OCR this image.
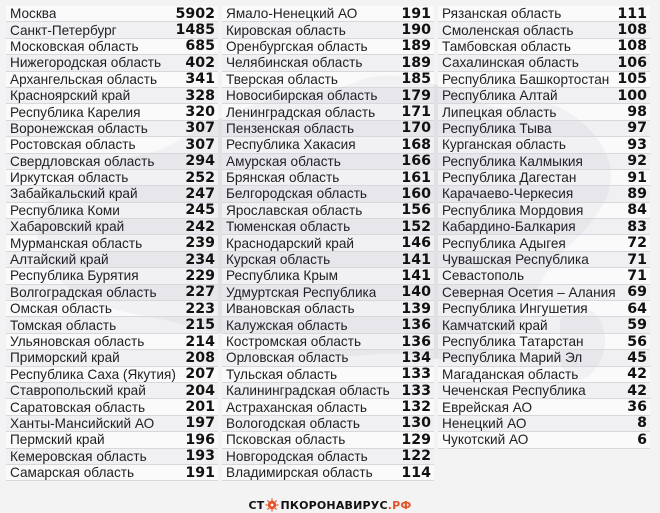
Москва	5902
Санкт-Петербург	1485
Московская область	685
Нижегородская область 402
Архангельская область 341
Красноярский край	328
Республика Карелия	320
Воронежская область	307
Ростовская область	307
Свердловская область 294
Иркутская область	252
Забайкальский край	247
Республика Коми	245
Хабаровский край	242
Мурманская область	239
Алтайский край	234
Республика Бурятия	229
Волгоградская область 227
Омская область	223
Томская область	215
Ульяновская область	214
Приморский край	208
Республика Саха (Якутия) 207
Ставропольский край	204
Саратовская область	201
Ханты-Мансийский АО 197
Пермский край	196
Кемеровская область	193
Самарская область	191
Ямало-Ненецкий АО	191
Кировская область	190
Оренбургская область 189
Челябинская область	189
Тверская область	185
Новосибирская область 179
Ленинградская область 171
Пензенская область	170
Республика Хакасия	168
Амурская область	166
Брянская область	161
Белгородская область 160
Ярославская область	156
Тюменская область	152
Краснодарский край	146
Курская область	141
Республика Крым	141
Удмуртская Республика 140
Ивановская область	139
Калужская область	136
Костромская область	136
Орловская область	134
Тульская область	133
Калининградская область 133
Астраханская область 132
Вологодская область	130
Псковская область	129
Новгородская область 122
Владимирская область 114
Рязанская область	111
Смоленская область	108
Тамбовская область	108
Сахалинская область	106
Республика Башкортостан 105
Республика Алтай	100
Липецкая область	98
Республика Тыва	97
Курганская область	93
Республика Калмыкия	92
Республика Дагестан	91
Карачаево-Черкесия	89
Республика Мордовия	84
Кабардино-Балкария	83
Республика Адыгея	72
Чувашская Республика	71
Севастополь	71
Северная Осетия – Алания 69
Республика Ингушетия	64
Камчатский край	59
Республика Татарстан	56
Республика Марий Эл	45
Магаданская область	42
Чеченская Республика	42
Еврейская АО	36
Ненецкий АО	8
Чукотский АО	6
СТ ПКОРОНАВИРУС .РФ
